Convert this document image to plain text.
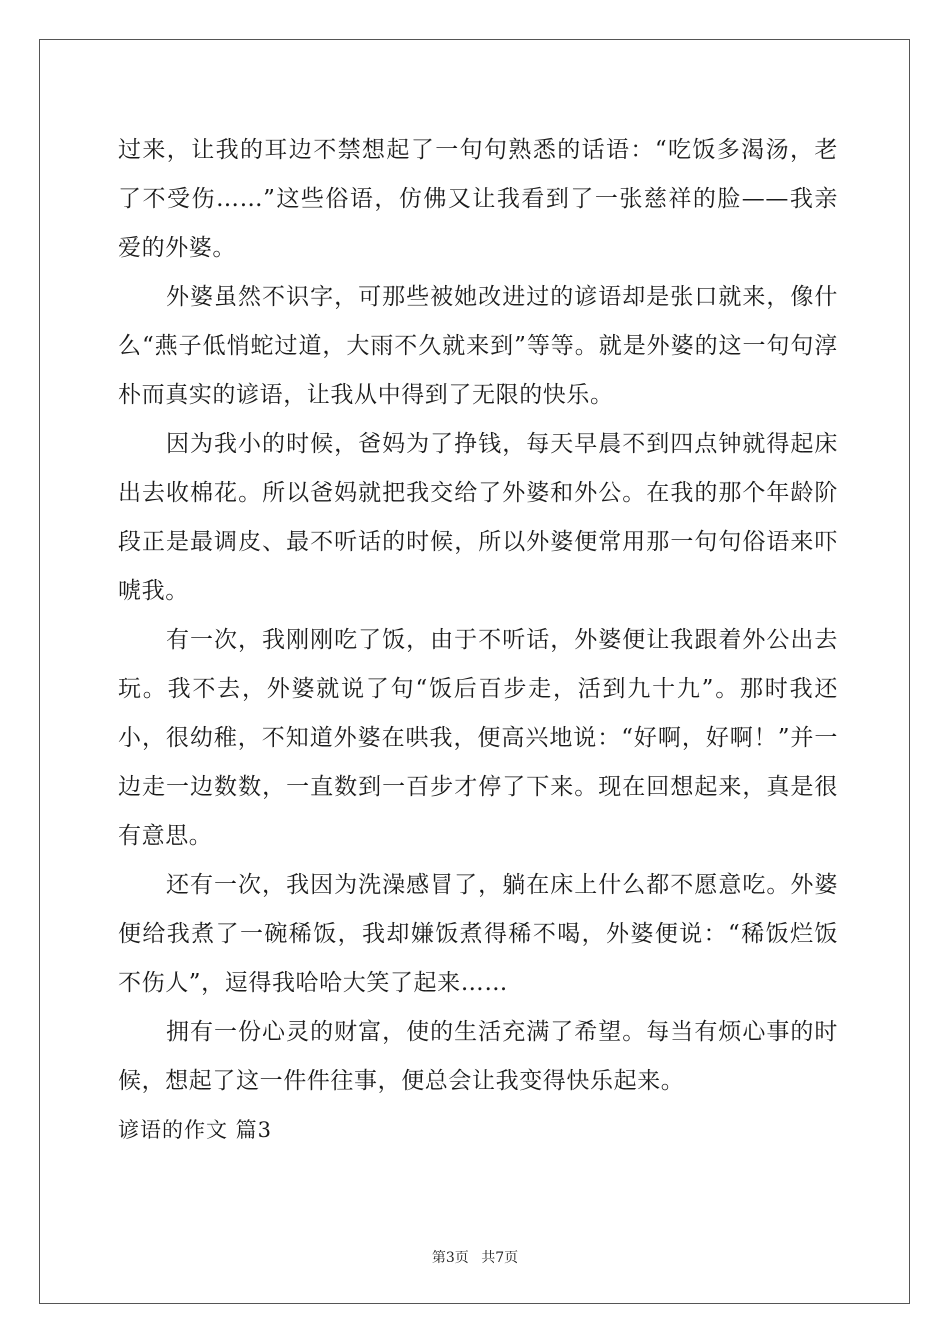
过来，让我的耳边不禁想起了一句句熟悉的话语：“吃饭多渴汤，老了不受伤……”这些俗语，仿佛又让我看到了一张慈祥的脸——我亲爱的外婆。

外婆虽然不识字，可那些被她改进过的谚语却是张口就来，像什么“燕子低悄蛇过道，大雨不久就来到”等等。就是外婆的这一句句淳朴而真实的谚语，让我从中得到了无限的快乐。

因为我小的时候，爸妈为了挣钱，每天早晨不到四点钟就得起床出去收棉花。所以爸妈就把我交给了外婆和外公。在我的那个年龄阶段正是最调皮、最不听话的时候，所以外婆便常用那一句句俗语来吓唬我。

有一次，我刚刚吃了饭，由于不听话，外婆便让我跟着外公出去玩。我不去，外婆就说了句“饭后百步走，活到九十九”。那时我还小，很幼稚，不知道外婆在哄我，便高兴地说：“好啊，好啊！”并一边走一边数数，一直数到一百步才停了下来。现在回想起来，真是很有意思。

还有一次，我因为洗澡感冒了，躺在床上什么都不愿意吃。外婆便给我煮了一碗稀饭，我却嫌饭煮得稀不喝，外婆便说：“稀饭烂饭不伤人”，逗得我哈哈大笑了起来……

拥有一份心灵的财富，使的生活充满了希望。每当有烦心事的时候，想起了这一件件往事，便总会让我变得快乐起来。

谚语的作文 篇3

第3页 共7页
